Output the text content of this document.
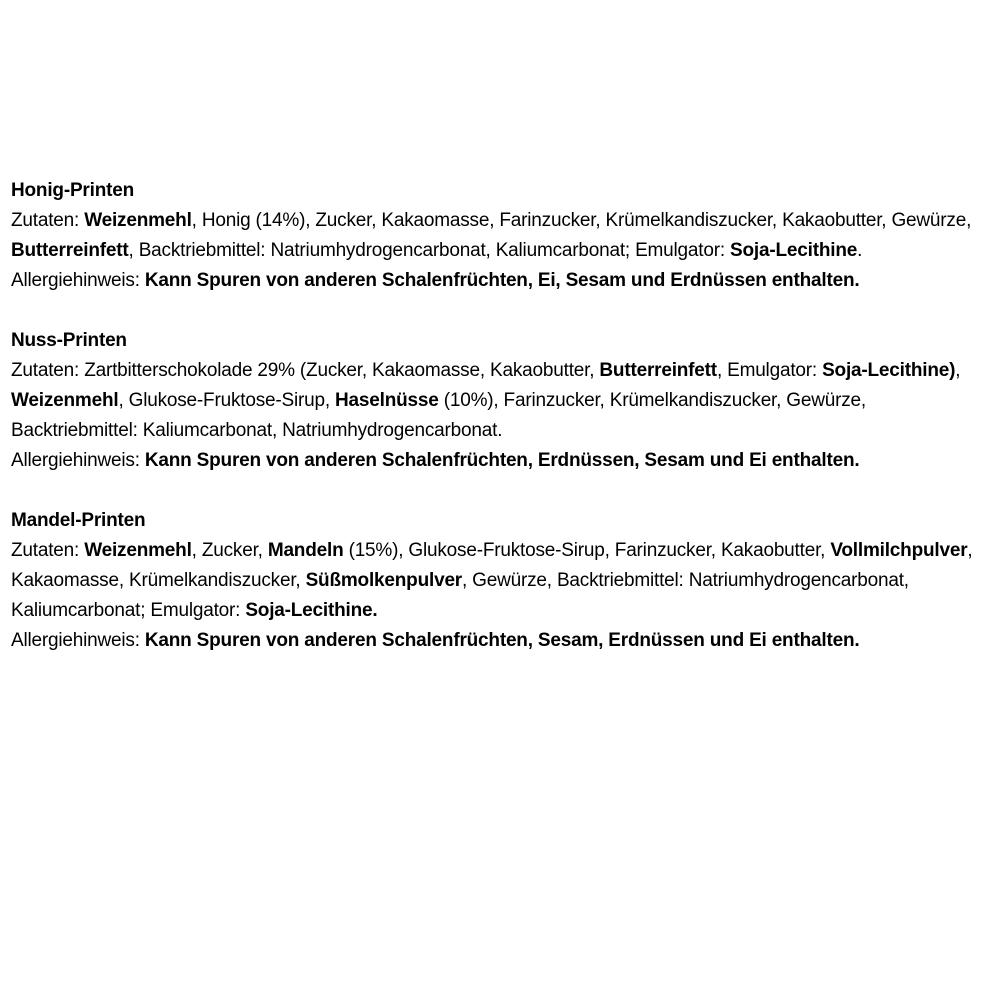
Honig-Printen
Zutaten: Weizenmehl, Honig (14%), Zucker, Kakaomasse, Farinzucker, Krümelkandiszucker, Kakaobutter, Gewürze, Butterreinfett, Backtriebmittel: Natriumhydrogencarbonat, Kaliumcarbonat; Emulgator: Soja-Lecithine.
Allergiehinweis: Kann Spuren von anderen Schalenfrüchten, Ei, Sesam und Erdnüssen enthalten.
Nuss-Printen
Zutaten: Zartbitterschokolade 29% (Zucker, Kakaomasse, Kakaobutter, Butterreinfett, Emulgator: Soja-Lecithine), Weizenmehl, Glukose-Fruktose-Sirup, Haselnüsse (10%), Farinzucker, Krümelkandiszucker, Gewürze, Backtriebmittel: Kaliumcarbonat, Natriumhydrogencarbonat.
Allergiehinweis: Kann Spuren von anderen Schalenfrüchten, Erdnüssen, Sesam und Ei enthalten.
Mandel-Printen
Zutaten: Weizenmehl, Zucker, Mandeln (15%), Glukose-Fruktose-Sirup, Farinzucker, Kakaobutter, Vollmilchpulver, Kakaomasse, Krümelkandiszucker, Süßmolkenpulver, Gewürze, Backtriebmittel: Natriumhydrogencarbonat, Kaliumcarbonat; Emulgator: Soja-Lecithine.
Allergiehinweis: Kann Spuren von anderen Schalenfrüchten, Sesam, Erdnüssen und Ei enthalten.
